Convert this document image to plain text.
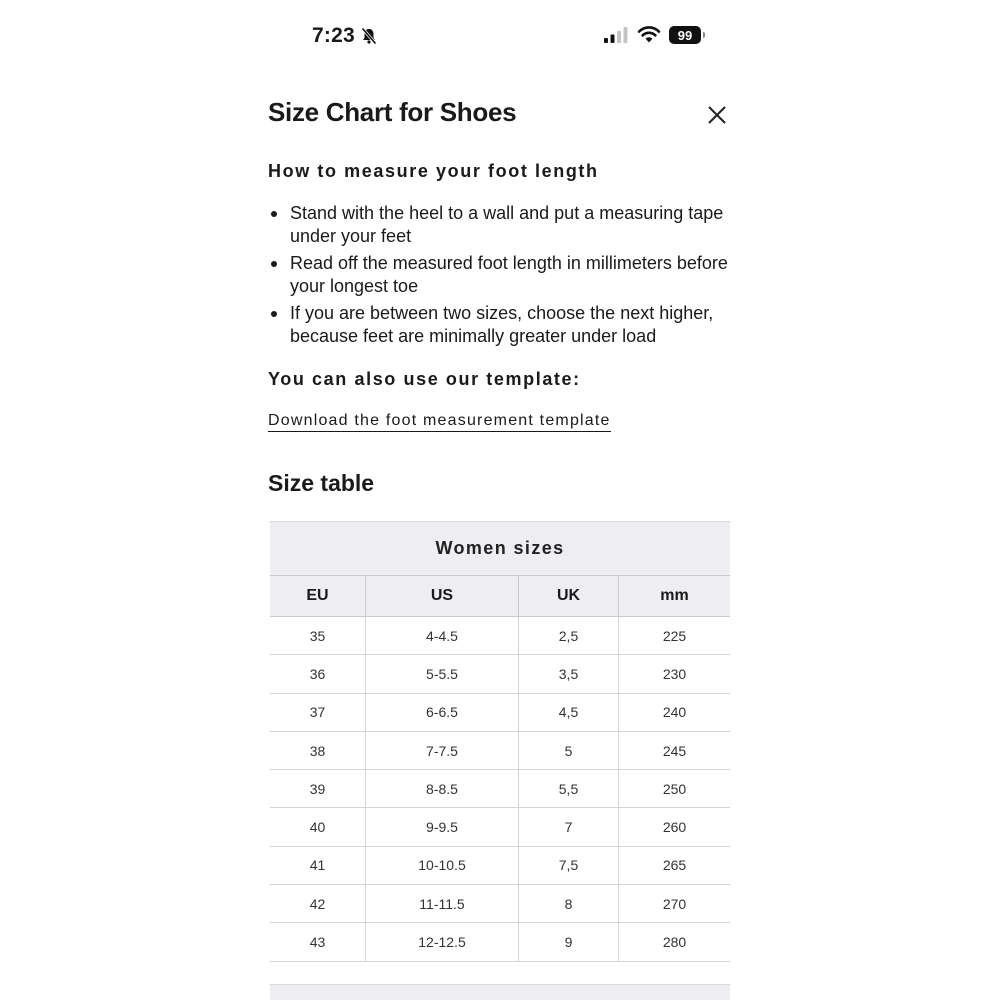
7:23	99
Size Chart for Shoes
How to measure your foot length
Stand with the heel to a wall and put a measuring tape under your feet
Read off the measured foot length in millimeters before your longest toe
If you are between two sizes, choose the next higher, because feet are minimally greater under load
You can also use our template:
Download the foot measurement template
Size table
Women sizes
EU	US	UK	mm
35	4-4.5	2,5	225
36	5-5.5	3,5	230
37	6-6.5	4,5	240
38	7-7.5	5	245
39	8-8.5	5,5	250
40	9-9.5	7	260
41	10-10.5	7,5	265
42	11-11.5	8	270
43	12-12.5	9	280
